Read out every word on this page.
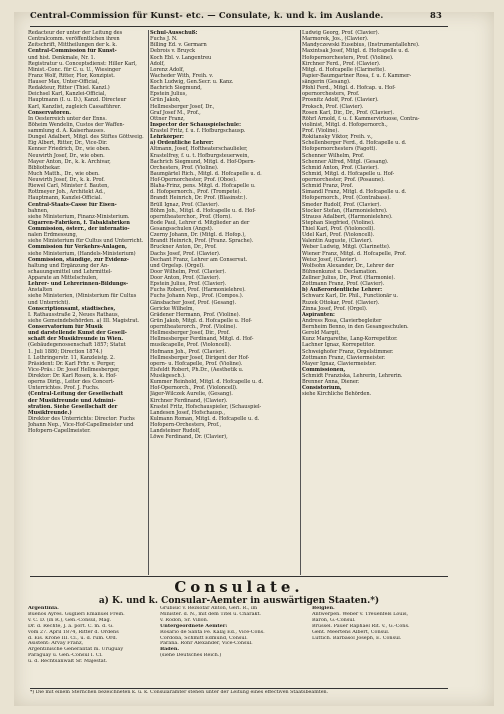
Central-Commission für Kunst- etc. — Consulate, k. und k. im Auslande.	83

Redacteur der unter der Leitung des

Centralcomm. veröffentlichen ihren

Zeitschrift, Mittheilungen der k. k.

Central-Commission für Kunst-

und hist. Denkmale, Nr. 1.

Registratur u. Conceptsdienst: Hiller Karl,

Minist.-Conc. für C. u. U., Wiesinger

Franz Wolf, Ritter, Flor, Konzipist.

Hauser Max, Unter-Official,

Redakteur, Ritter (Thiel. Kanzl.)

Deichsel Karl, Kanzlei-Official,

Hauptmann (I. u. D.), Kanzl. Directeur

Karl, Kanzlist, zugleich Cassaführer.

Conservatoren.

In Oesterreich unter der Enns.

Böheim Wendelin, Custos der Waffen-

sammlung d. A. Kaiserhauses.

Dungel Adalbert, Mitgl. des Stiftes Göttweig.

Eig Albert, Ritter, Dr., Vice-Dir.

Kenner Friedrich, Dr., wie oben.

Neuwirth Josef, Dr., wie oben.

Mayer Anton, Dr., k. k. Archivar,

Bibliothekar.

Much Matth., Dr., wie oben.

Neuwirth Josef, Dr., k. k. Prof.

Riewel Carl, Minister f. Bauten,

Rottmeyer Joh., Architekt Ad.,

Hauptmann, Kanzlei-Official.

Central-Staats-Casse für Eisen-

bahnen,

siehe Ministerium, Finanz-Ministerium.

Cigarren-Fabriken, f. Tabakfabriken

Commission, österr., der internatio-

nalen Erdmessung,

siehe Ministerium für Cultus und Unterricht.

Commission für Verkehrs-Anlagen,

siehe Ministerium, (Handels-Ministerium)

Commission, ständige, zur Evidenz-

haltung und Ergänzung der An-

schauungsmittel und Lehrmittel-

Apparate an Mittelschulen,

Lehrer- und Lehrerinnen-Bildungs-

Anstalten

siehe Ministerien, (Ministerium für Cultus

und Unterricht).

Conscriptionsamt, städtisches,

I. Rathausstraße 2, Neues Rathaus,

siehe Gemeindebehörden. a) III. Magistrat.

Conservatorium für Musik

und darstellende Kunst der Gesell-

schaft der Musikfreunde in Wien.

(Gebäudegenossenschaft 1857; Statut

1. Juli 1880; Direction 1874.)

I. Lothringerstr. 11, Kanzleistg. 2.

Präsident: Dr. Karl Frhr. v. Perger,

Vice-Präs.: Dr. Josef Hellmesberger,

Direktor: Dr. Karl Rosen, k. k. Hof-

operns Dirig., Leiter des Concert-

Unterrichtes. Prof. J. Fuchs.

(Central-Leitung der Gesellschaft

der Musikfreunde und Admini-

stration. Siehe Gesellschaft der

Musikfreunde.)

Direktor des Unterrichts: Director: Fuchs

Johann Nep., Vice-Hof-Capellmeister und

Hofopern-Capellmeister.

Schul-Ausschuß:

Fuchs J. N.

Billing Ed. v. Germarn

Debrois v. Bruyck

Koch Ebl. v. Langentreu

Adolf,

Lorenz Adolf,

Wacheder With, Freih. v.

Koch Ludwig, Gen.Secr. u. Kanz.

Bachrich Siegmund,

Epstein Julius,

Grün Jakob,

Hellmesberger Josef, Dr.,

Graf Josef M., Prof.,

Ottner Franz,

Inspector der Schauspielschule:

Krastel Fritz, f. u. f. Hofburgschausp.

Lehrkörper:

a) Ordentliche Lehrer:

Altmann, Josef, Hoftheaterschaulieler,

Krastelfrey, f. u. t. Hofburgsteuerwein,

Bachrich Siegmund, Mitgl. d. Hof-Opern-

Orchesters, Prof. (Violine).

Baumgärtel Rich., Mitgl. d. Hofcapelle u. d.

Hof-Opernorchester, Prof. (Oboe).

Blaha-Frinz, pens. Mitgl. d. Hofcapelle u.

d. Hofopernorch., Prof. (Trompete).

Brandt Heinrich, Dr. Prof. (Blasinstr.).

Brüll Ignaz, Prof. (Clavier).

Böhm Joh., Mitgl. d. Hofcapelle u. d. Hof-

operntheaterchor., Prof. (Horn).

Bode Paul, Lehrer d. Mitglieder an der

Gesangsschulen (Angst).

Czerny Johann, Dr. (Mitgl. d. Hofop.),

Brandt Heinrich, Prof. (Franz. Sprache).

Bruckner Anton, Dr., Prof.

Dachs Josef, Prof. (Clavier).

Dechant Franz, Lehrer am Conservat.

und Orgelsp. (Orgel).

Door Wilhelm, Prof. (Clavier).

Door Anton, Prof. (Clavier).

Epstein Julius, Prof. (Clavier).

Fuchs Robert, Prof. (Harmonielehre).

Fuchs Johann Nep., Prof. (Compos.).

Gänsbacher Josef, Prof. (Gesang).

Gericke Wilhelm,

Grädener Hermann, Prof. (Violine).

Grün Jakob, Mitgl. d. Hofcapelle u. Hof-

operntheaterorch., Prof. (Violine).

Hellmesberger Josef, Dir., Prof.

Hellmesberger Ferdinand, Mitgl. d. Hof-

musikcapelle, Prof. (Violoncell).

Hofmann Joh., Prof. (Clavier).

Hellmesberger Josef, Dirigent der Hof-

opern- u. Hofcapelle, Prof. (Violine).

Eisfeldt Robert, Ph.Dr., (Aesthetik u.

Musikgesch.).

Kummer Reinhold, Mitgl. d. Hofcapelle u. d.

Hof-Opernorch., Prof. (Violoncell).

Jäger-Wilczek Aurelie, (Gesang).

Kirchner Ferdinand, (Clavier).

Krastel Fritz, Hofschauspieler, (Schauspiel-

Landesen Josef, Hofschausp.,

Kulmann Roman, Mitgl. d. Hofcapelle u. d.

Hofopern-Orchesters, Prof.,

Landsteiner Rudolf,

Löwe Ferdinand, Dr. (Clavier),

Ludwig Georg, Prof. (Clavier).

Marmorek, Jos., (Clavier).

Mandyczewski Eusebius, (Instrumentallehre).

Maxintsak Josef, Mitgl. d. Hofcapelle u. d.

Hofopernorchesters, Prof. (Violine).

Kirchner Ferd., Prof. (Clavier).

Mitgl. d. Hofcapelle (Clarinette).

Papier-Baumgartner Rosa, f. u. f. Kammer-

sängerin (Gesang).

Pfohl Ferd., Mitgl. d. Hofcap. u. Hof-

opernorchesters, Prof.

Prosnitz Adolf, Prof. (Clavier).

Proksch, Prof. (Clavier).

Rosen Karl, Dir., Dr., Prof. (Clavier).

Röhrl Arnold, f. u. f. Kammervirtuose, Contra-

violinist, Mitgl. d. Hofopernorch.,

Prof. (Violine).

Rokitansky Viktor, Freih. v.,

Schellenberger Ferd., d. Hofcapelle u. d.

Hofopernorchesters (Fagott).

Schenner Wilhelm, Prof.

Schenner Alfred, Mitgl. (Gesang).

Schmid Anton, Prof. (Clavier).

Schmid, Mitgl. d. Hofcapelle u. Hof-

opernorchester, Prof. (Posaune).

Schmid Franz, Prof.

Simandl Franz, Mitgl. d. Hofcapelle u. d.

Hofopernorch., Prof. (Contrabass).

Smeder Rudolf, Prof. (Clavier).

Stocker Stefan, (Harmonielehre).

Strauss Adalbert, (Harmonielehre).

Stephan Siegfried, (Violine).

Thiel Karl, Prof. (Violoncell).

Udel Karl, Prof. (Violoncell).

Valentin Auguste, (Clavier).

Weber Ludwig, Mitgl. (Clarinette).

Wiener Franz, Mitgl. d. Hofcapelle, Prof.

Weisz Josef, (Clavier).

Wolfsohn Alexander, Dr., Lehrer der

Bühnenkunst u. Declamation.

Zellner Julius, Dr., Prof. (Harmonie).

Zottmann Franz, Prof. (Clavier).

b) Außerordentliche Lehrer:

Schwarz Karl, Dr. Phil., Functionär u.

Ruzek Ottokar, Prof. (Clavier).

Zinna Josef, Prof. (Orgel).

Aspiranten:

Andress Rosa, Clavierbegleiter

Bernheim Benno, in den Gesangsschulen.

Gerold Margit,

Kunz Margarethe, Lang-Korrepetitor.

Lachner Ignaz, Korrepetitor.

Schweighofer Franz, Orgelstimmer.

Zottmann Franz, Claviermeister.

Mayer Ignaz, Claviermeister.

Commissionen,

Schmidt Franziska, Lehrerin, Lehrerin.

Brenner Anna, Diener.

Consistorium,

siehe Kirchliche Behörden.

Consulate.
a) K. und k. Consular-Aemter in auswärtigen Staaten.*)

Argentinia.

Buenos Ayres. Guglieri Emanuel Freih.

v. C. D. (in R.), Gen.-Consul, Mag.

Dr. d. Rechte, J. a. port. C. m. d. G.

vom 27. April 1874, Ritter d. Ordens

d. Eis. Krone III. Cl., u. d. rum. Ord.

Asistent: Arvay Franz,

Argentinische Generalität m. Uruguay

Paraguay u. Gen.-Consul I. Cl.

u. d. Rechtsanwalt Sr. Majestät.

Grubisic v. Rezsöfar Anton, Gerl. R., im

Minister. d. N., mit dem Titel u. Charakt.

v. Rodon, Sr. Villon.

Untergeordnete Aemter:

Rosario de Santa Fe. Kalaj Ed., Vice-Cons.

Cordoba, Schmitt Edmund, Consul.

Parana. Rohr Alexander, Vice-Consul.

Baden.

(siehe Deutsches Reich.)

Belgien.

Antwerpen. Weber v. Treuenfels Louis,

Baron, G.-Consul.

Brüssel. Pauer Raphael Rit. v., G.-Cons.

Gent. Meertens Albert, Consul.

Lüttich. Barbasol Joseph, E. Consul.

*) Die mit einem Sternchen bezeichneten k. u. k. Consularämter stehen unter der Leitung eines effectiven Staatsbeamten.
